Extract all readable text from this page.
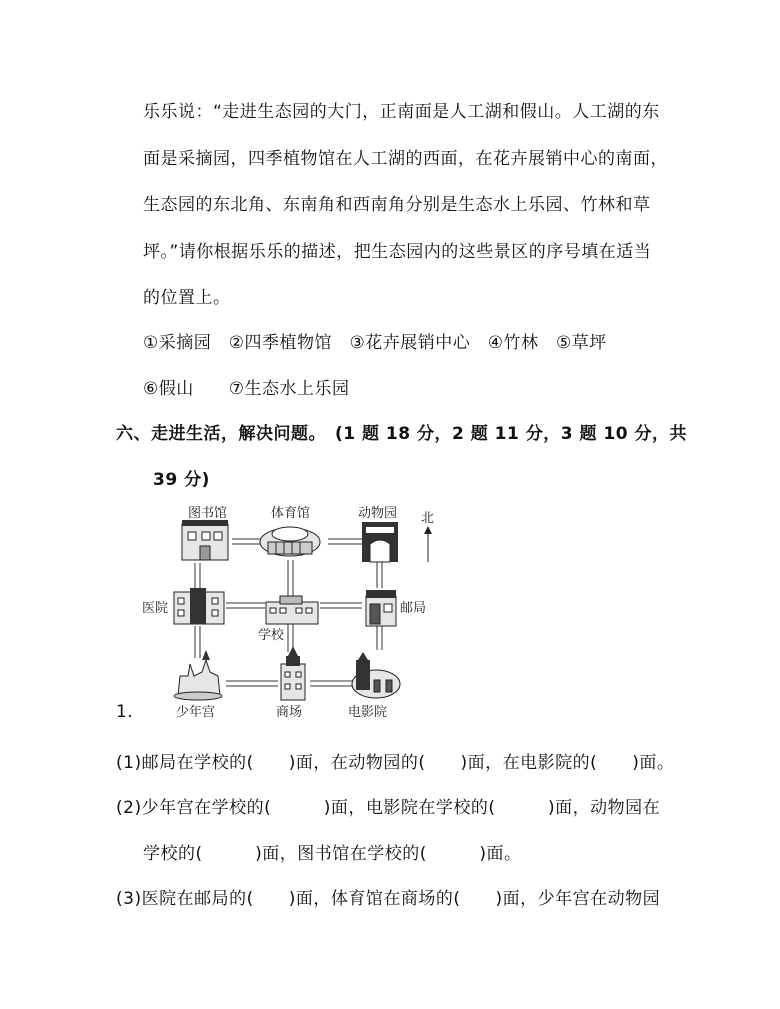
乐乐说：“走进生态园的大门，正南面是人工湖和假山。人工湖的东
面是采摘园，四季植物馆在人工湖的西面，在花卉展销中心的南面，
生态园的东北角、东南角和西南角分别是生态水上乐园、竹林和草
坪。”请你根据乐乐的描述，把生态园内的这些景区的序号填在适当
的位置上。
①采摘园　②四季植物馆　③花卉展销中心　④竹林　⑤草坪
⑥假山　　⑦生态水上乐园
六、走进生活，解决问题。　(1 题 18 分，2 题 11 分，3 题 10 分，共
39 分)
图书馆	体育馆	动物园 北
医院
学校
邮局
少年宫	商场	电影院
1.
(1)邮局在学校的(　　)面，在动物园的(　　)面，在电影院的(　　)面。
(2)少年宫在学校的(　　　)面，电影院在学校的(　　　)面，动物园在
学校的(　　　)面，图书馆在学校的(　　　)面。
(3)医院在邮局的(　　)面，体育馆在商场的(　　)面，少年宫在动物园
